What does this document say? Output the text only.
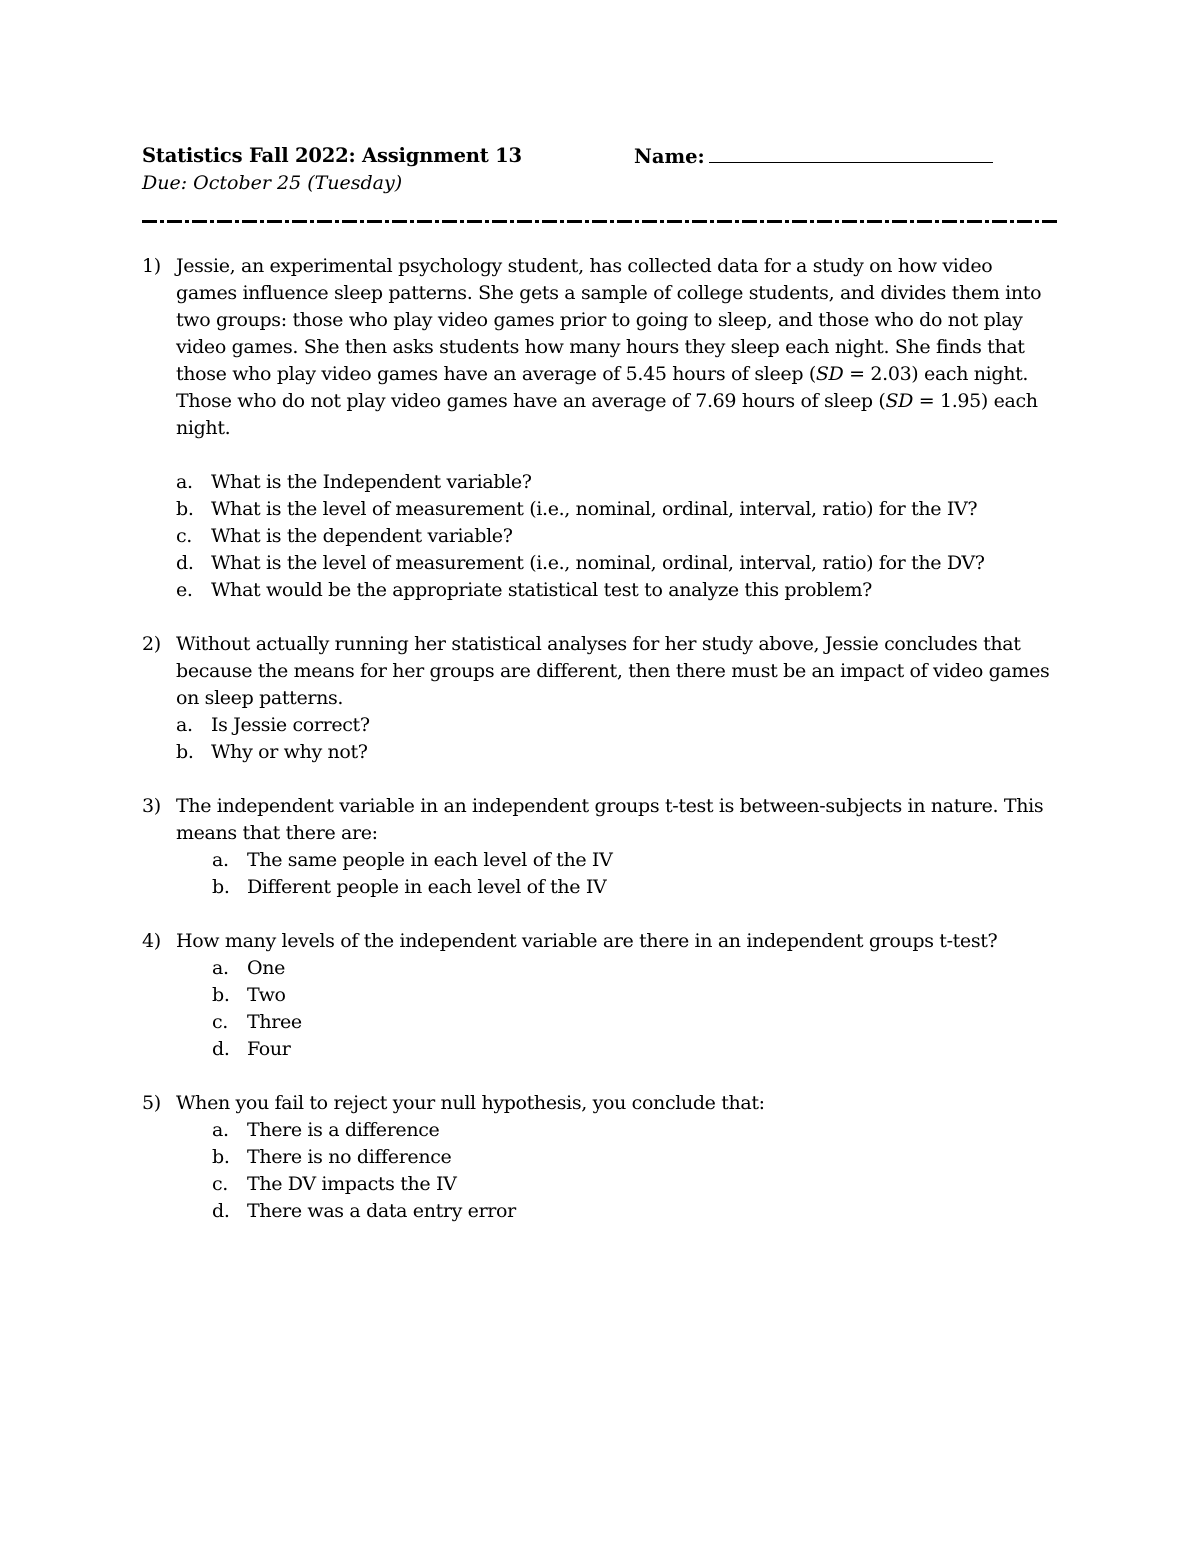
Statistics Fall 2022: Assignment 13	Name:
Due: October 25 (Tuesday)
1) Jessie, an experimental psychology student, has collected data for a study on how video games influence sleep patterns. She gets a sample of college students, and divides them into two groups: those who play video games prior to going to sleep, and those who do not play video games. She then asks students how many hours they sleep each night. She finds that those who play video games have an average of 5.45 hours of sleep (SD = 2.03) each night. Those who do not play video games have an average of 7.69 hours of sleep (SD = 1.95) each night.
a. What is the Independent variable?
b. What is the level of measurement (i.e., nominal, ordinal, interval, ratio) for the IV?
c. What is the dependent variable?
d. What is the level of measurement (i.e., nominal, ordinal, interval, ratio) for the DV?
e. What would be the appropriate statistical test to analyze this problem?
2) Without actually running her statistical analyses for her study above, Jessie concludes that because the means for her groups are different, then there must be an impact of video games on sleep patterns.
a. Is Jessie correct?
b. Why or why not?
3) The independent variable in an independent groups t-test is between-subjects in nature. This means that there are:
a. The same people in each level of the IV
b. Different people in each level of the IV
4) How many levels of the independent variable are there in an independent groups t-test?
a. One
b. Two
c. Three
d. Four
5) When you fail to reject your null hypothesis, you conclude that:
a. There is a difference
b. There is no difference
c. The DV impacts the IV
d. There was a data entry error
